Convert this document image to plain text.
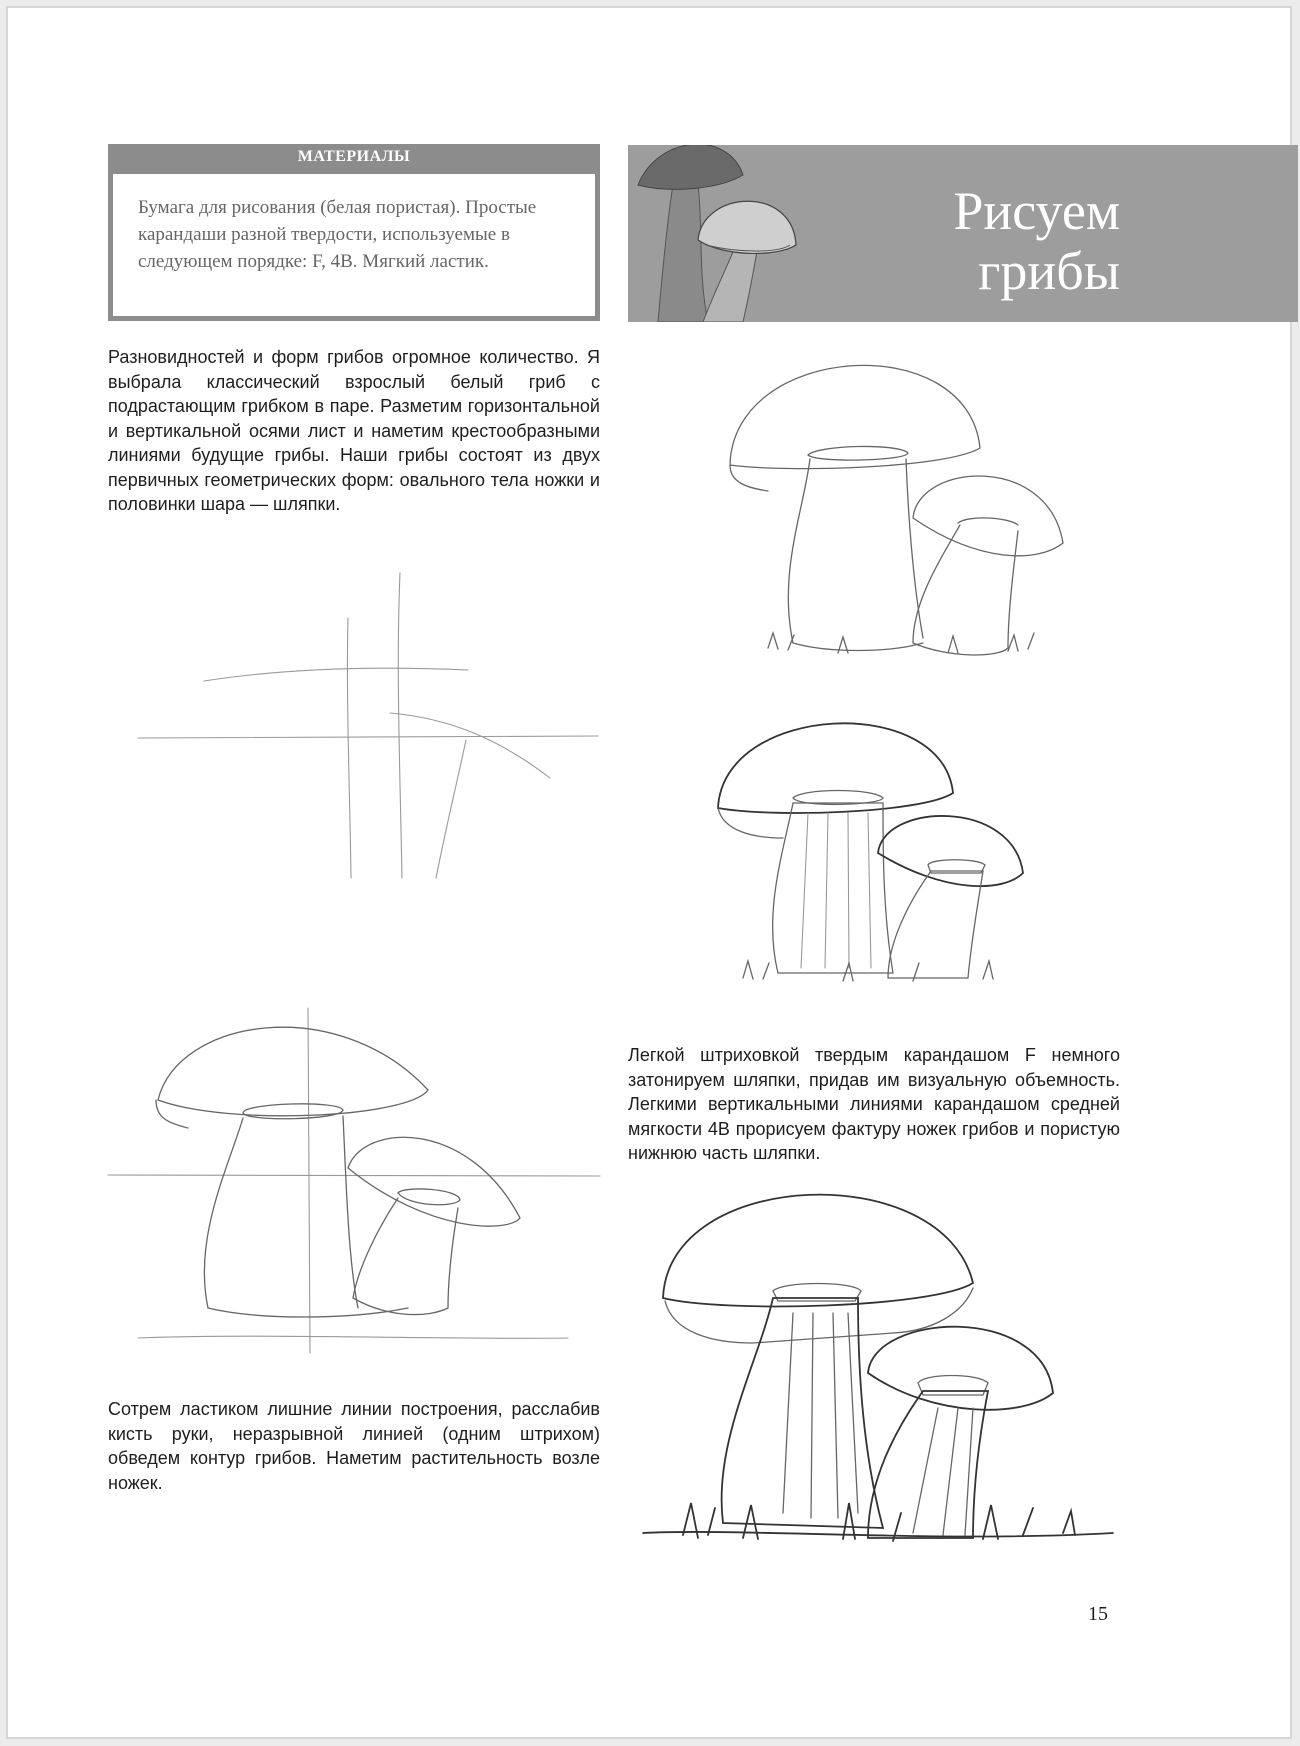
МАТЕРИАЛЫ
Бумага для рисования (белая пористая). Простые карандаши разной твердости, используемые в следующем порядке: F, 4B. Мягкий ластик.
Рисуем
грибы

Разновидностей и форм грибов огромное количество. Я выбрала классический взрослый белый гриб с подрастающим грибком в паре. Разметим горизонтальной и вертикальной осями лист и наметим крестообразными линиями будущие грибы. Наши грибы состоят из двух первичных геометрических форм: овального тела ножки и половинки шара — шляпки.

Сотрем ластиком лишние линии построения, расслабив кисть руки, неразрывной линией (одним штрихом) обведем контур грибов. Наметим растительность возле ножек.

Легкой штриховкой твердым карандашом F немного затонируем шляпки, придав им визуальную объемность. Легкими вертикальными линиями карандашом средней мягкости 4B прорисуем фактуру ножек грибов и пористую нижнюю часть шляпки.

15
